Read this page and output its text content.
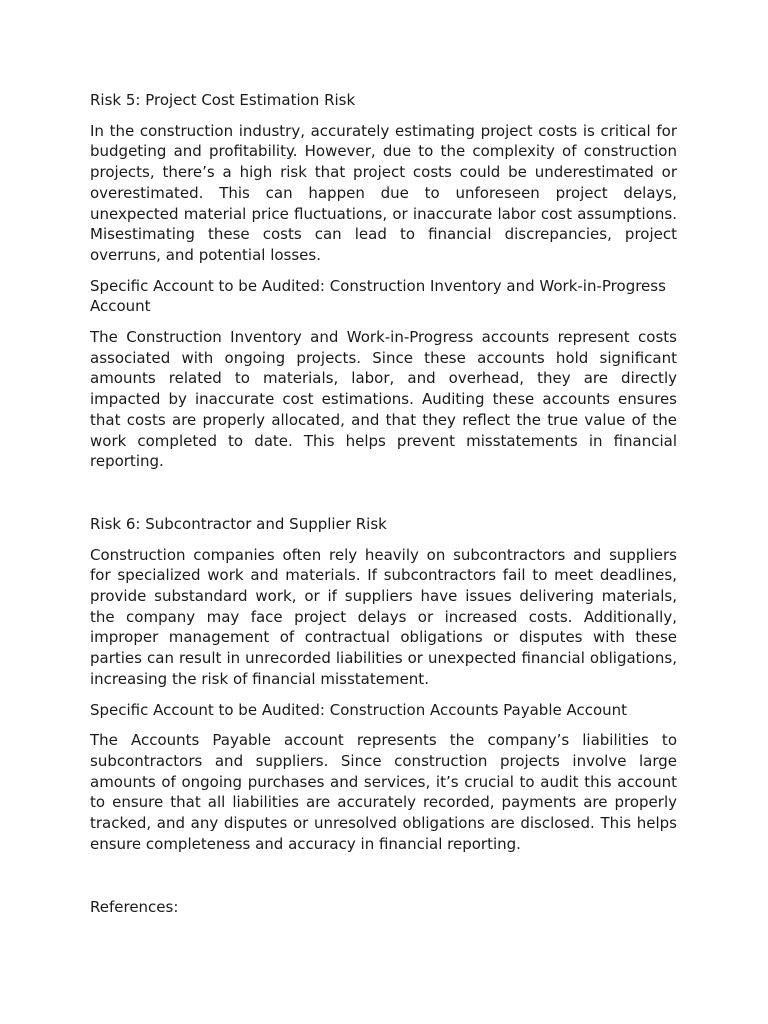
Risk 5: Project Cost Estimation Risk

In the construction industry, accurately estimating project costs is critical for budgeting and profitability. However, due to the complexity of construction projects, there’s a high risk that project costs could be underestimated or overestimated. This can happen due to unforeseen project delays, unexpected material price fluctuations, or inaccurate labor cost assumptions. Misestimating these costs can lead to financial discrepancies, project overruns, and potential losses.

Specific Account to be Audited: Construction Inventory and Work-in-Progress Account

The Construction Inventory and Work-in-Progress accounts represent costs associated with ongoing projects. Since these accounts hold significant amounts related to materials, labor, and overhead, they are directly impacted by inaccurate cost estimations. Auditing these accounts ensures that costs are properly allocated, and that they reflect the true value of the work completed to date. This helps prevent misstatements in financial reporting.

Risk 6: Subcontractor and Supplier Risk

Construction companies often rely heavily on subcontractors and suppliers for specialized work and materials. If subcontractors fail to meet deadlines, provide substandard work, or if suppliers have issues delivering materials, the company may face project delays or increased costs. Additionally, improper management of contractual obligations or disputes with these parties can result in unrecorded liabilities or unexpected financial obligations, increasing the risk of financial misstatement.

Specific Account to be Audited: Construction Accounts Payable Account

The Accounts Payable account represents the company’s liabilities to subcontractors and suppliers. Since construction projects involve large amounts of ongoing purchases and services, it’s crucial to audit this account to ensure that all liabilities are accurately recorded, payments are properly tracked, and any disputes or unresolved obligations are disclosed. This helps ensure completeness and accuracy in financial reporting.

References:
